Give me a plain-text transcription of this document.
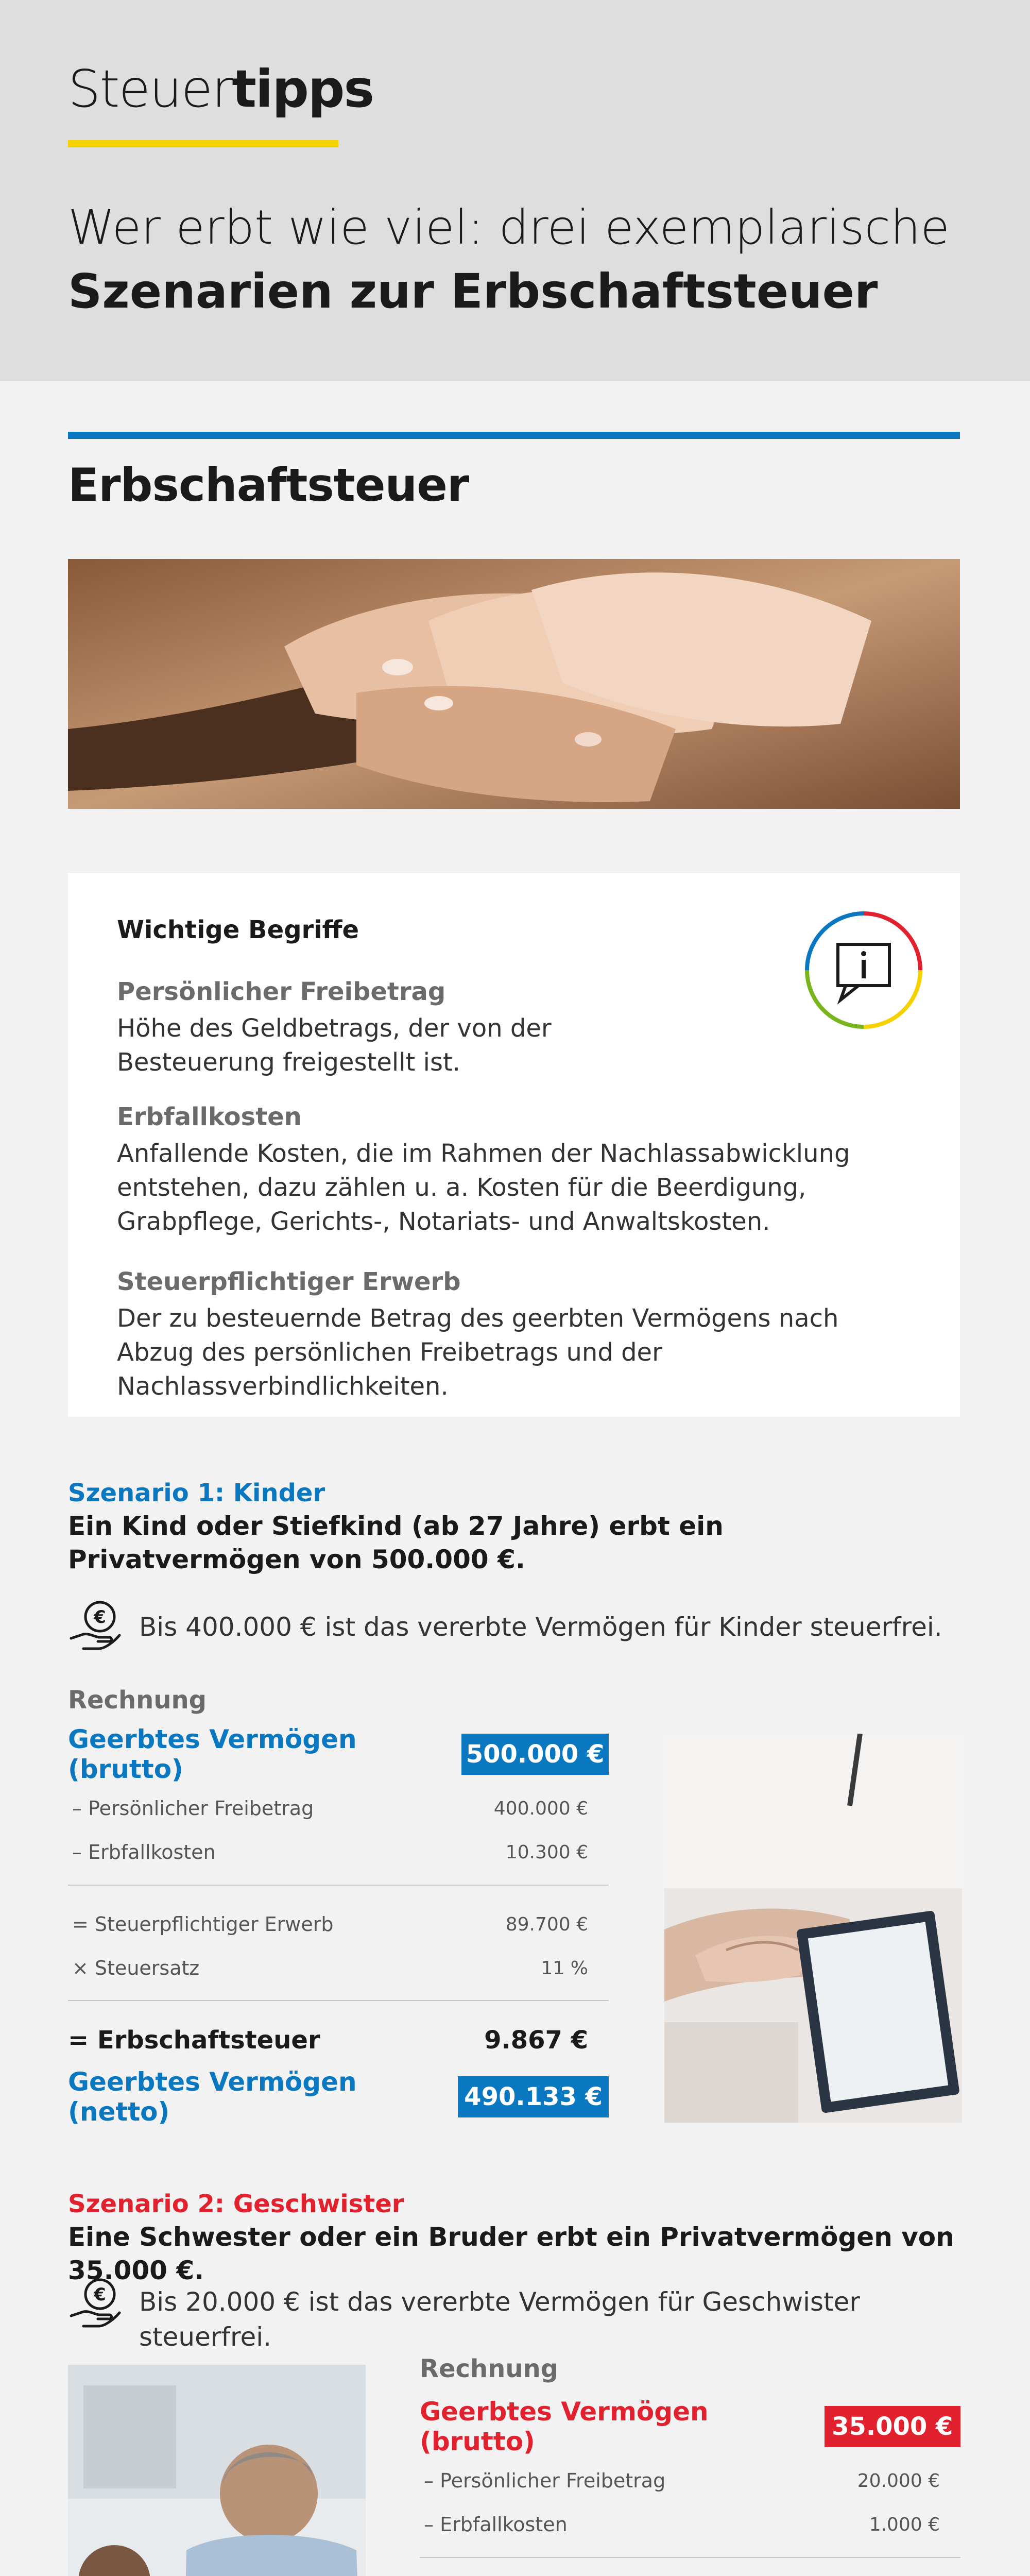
Steuertipps
Wer erbt wie viel: drei exemplarische
Szenarien zur Erbschaftsteuer
Erbschaftsteuer
Wichtige Begriffe
Persönlicher Freibetrag
Höhe des Geldbetrags, der von der Besteuerung freigestellt ist.
Erbfallkosten
Anfallende Kosten, die im Rahmen der Nachlassabwicklung entstehen, dazu zählen u. a. Kosten für die Beerdigung, Grabpflege, Gerichts-, Notariats- und Anwaltskosten.
Steuerpflichtiger Erwerb
Der zu besteuernde Betrag des geerbten Vermögens nach Abzug des persönlichen Freibetrags und der Nachlassverbindlichkeiten.
Szenario 1: Kinder
Ein Kind oder Stiefkind (ab 27 Jahre) erbt ein Privatvermögen von 500.000 €.
€ Bis 400.000 € ist das vererbte Vermögen für Kinder steuerfrei.
Rechnung
Geerbtes Vermögen (brutto)	500.000 €
– Persönlicher Freibetrag	400.000 €
– Erbfallkosten	10.300 €
= Steuerpflichtiger Erwerb	89.700 €
× Steuersatz	11 %
= Erbschaftsteuer	9.867 €
Geerbtes Vermögen (netto)	490.133 €
Szenario 2: Geschwister
Eine Schwester oder ein Bruder erbt ein Privatvermögen von 35.000 €.
€ Bis 20.000 € ist das vererbte Vermögen für Geschwister steuerfrei.
Rechnung
Geerbtes Vermögen (brutto)	35.000 €
– Persönlicher Freibetrag	20.000 €
– Erbfallkosten	1.000 €
